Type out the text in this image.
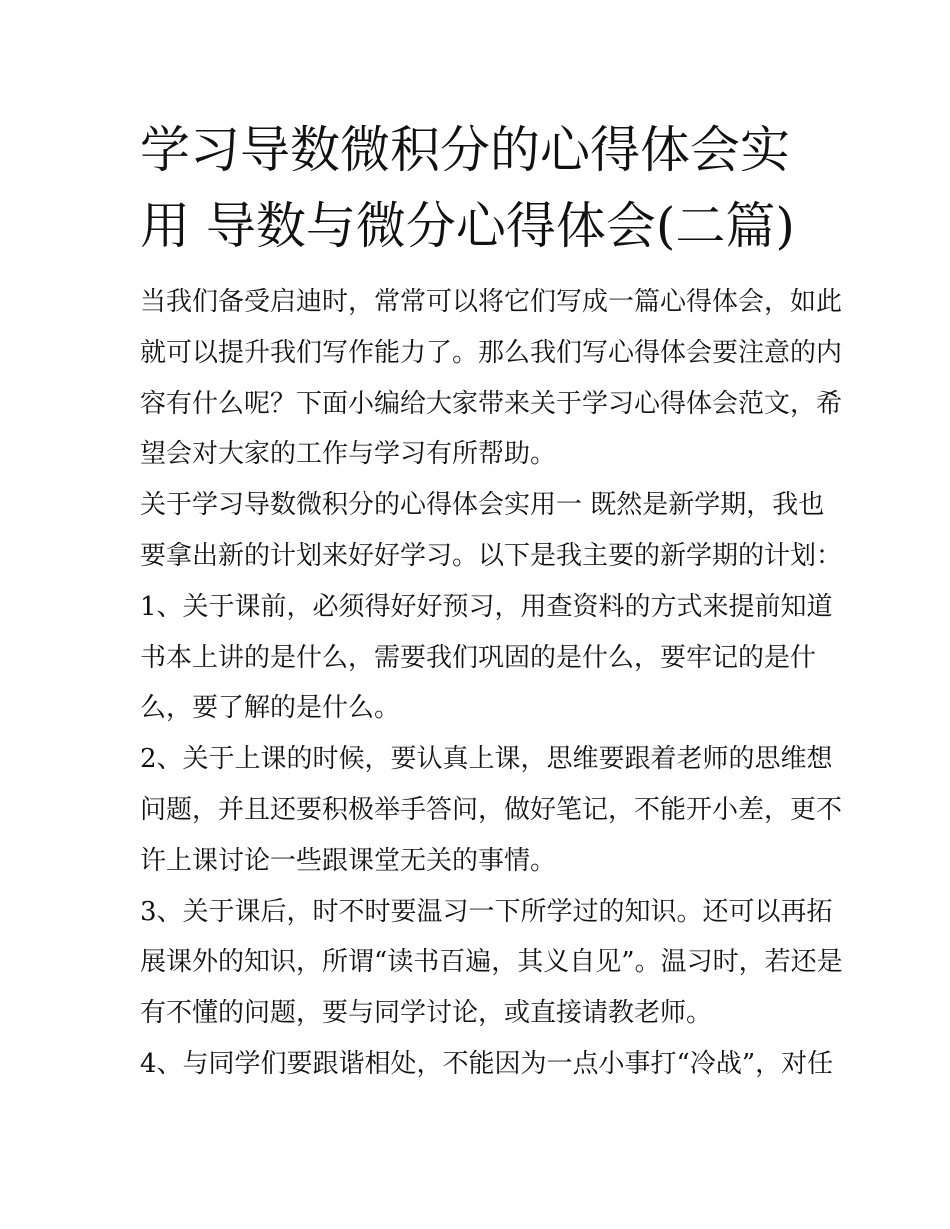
学习导数微积分的心得体会实
用 导数与微分心得体会(二篇)
当我们备受启迪时，常常可以将它们写成一篇心得体会，如此
就可以提升我们写作能力了。那么我们写心得体会要注意的内
容有什么呢？下面小编给大家带来关于学习心得体会范文，希
望会对大家的工作与学习有所帮助。
关于学习导数微积分的心得体会实用一 既然是新学期，我也
要拿出新的计划来好好学习。以下是我主要的新学期的计划：
1、关于课前，必须得好好预习，用查资料的方式来提前知道
书本上讲的是什么，需要我们巩固的是什么，要牢记的是什
么，要了解的是什么。
2、关于上课的时候，要认真上课，思维要跟着老师的思维想
问题，并且还要积极举手答问，做好笔记，不能开小差，更不
许上课讨论一些跟课堂无关的事情。
3、关于课后，时不时要温习一下所学过的知识。还可以再拓
展课外的知识，所谓“读书百遍，其义自见”。温习时，若还是
有不懂的问题，要与同学讨论，或直接请教老师。
4、与同学们要跟谐相处，不能因为一点小事打“冷战”，对任
